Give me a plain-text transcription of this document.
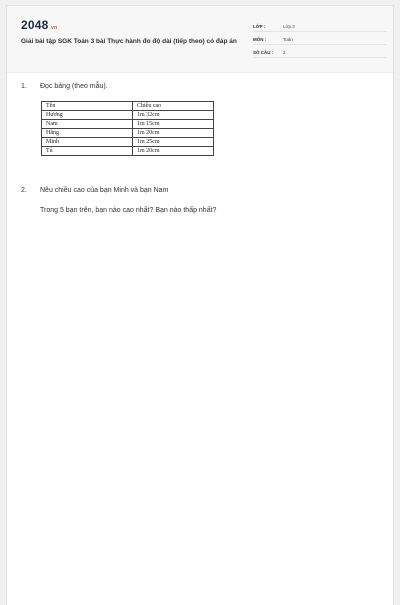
2048.vn
Giải bài tập SGK Toán 3 bài Thực hành đo độ dài (tiếp theo) có đáp án
LỚP :	Lớp 3
MÔN :	Toán
SỐ CÂU : 2
1. Đọc bảng (theo mẫu).
Tên	Chiều cao
Hương	1m 32cm
Nam	1m 15cm
Hằng	1m 20cm
Minh	1m 25cm
Tú	1m 20cm
2. Nêu chiều cao của bạn Minh và bạn Nam
Trong 5 bạn trên, bạn nào cao nhất? Bạn nào thấp nhất?
